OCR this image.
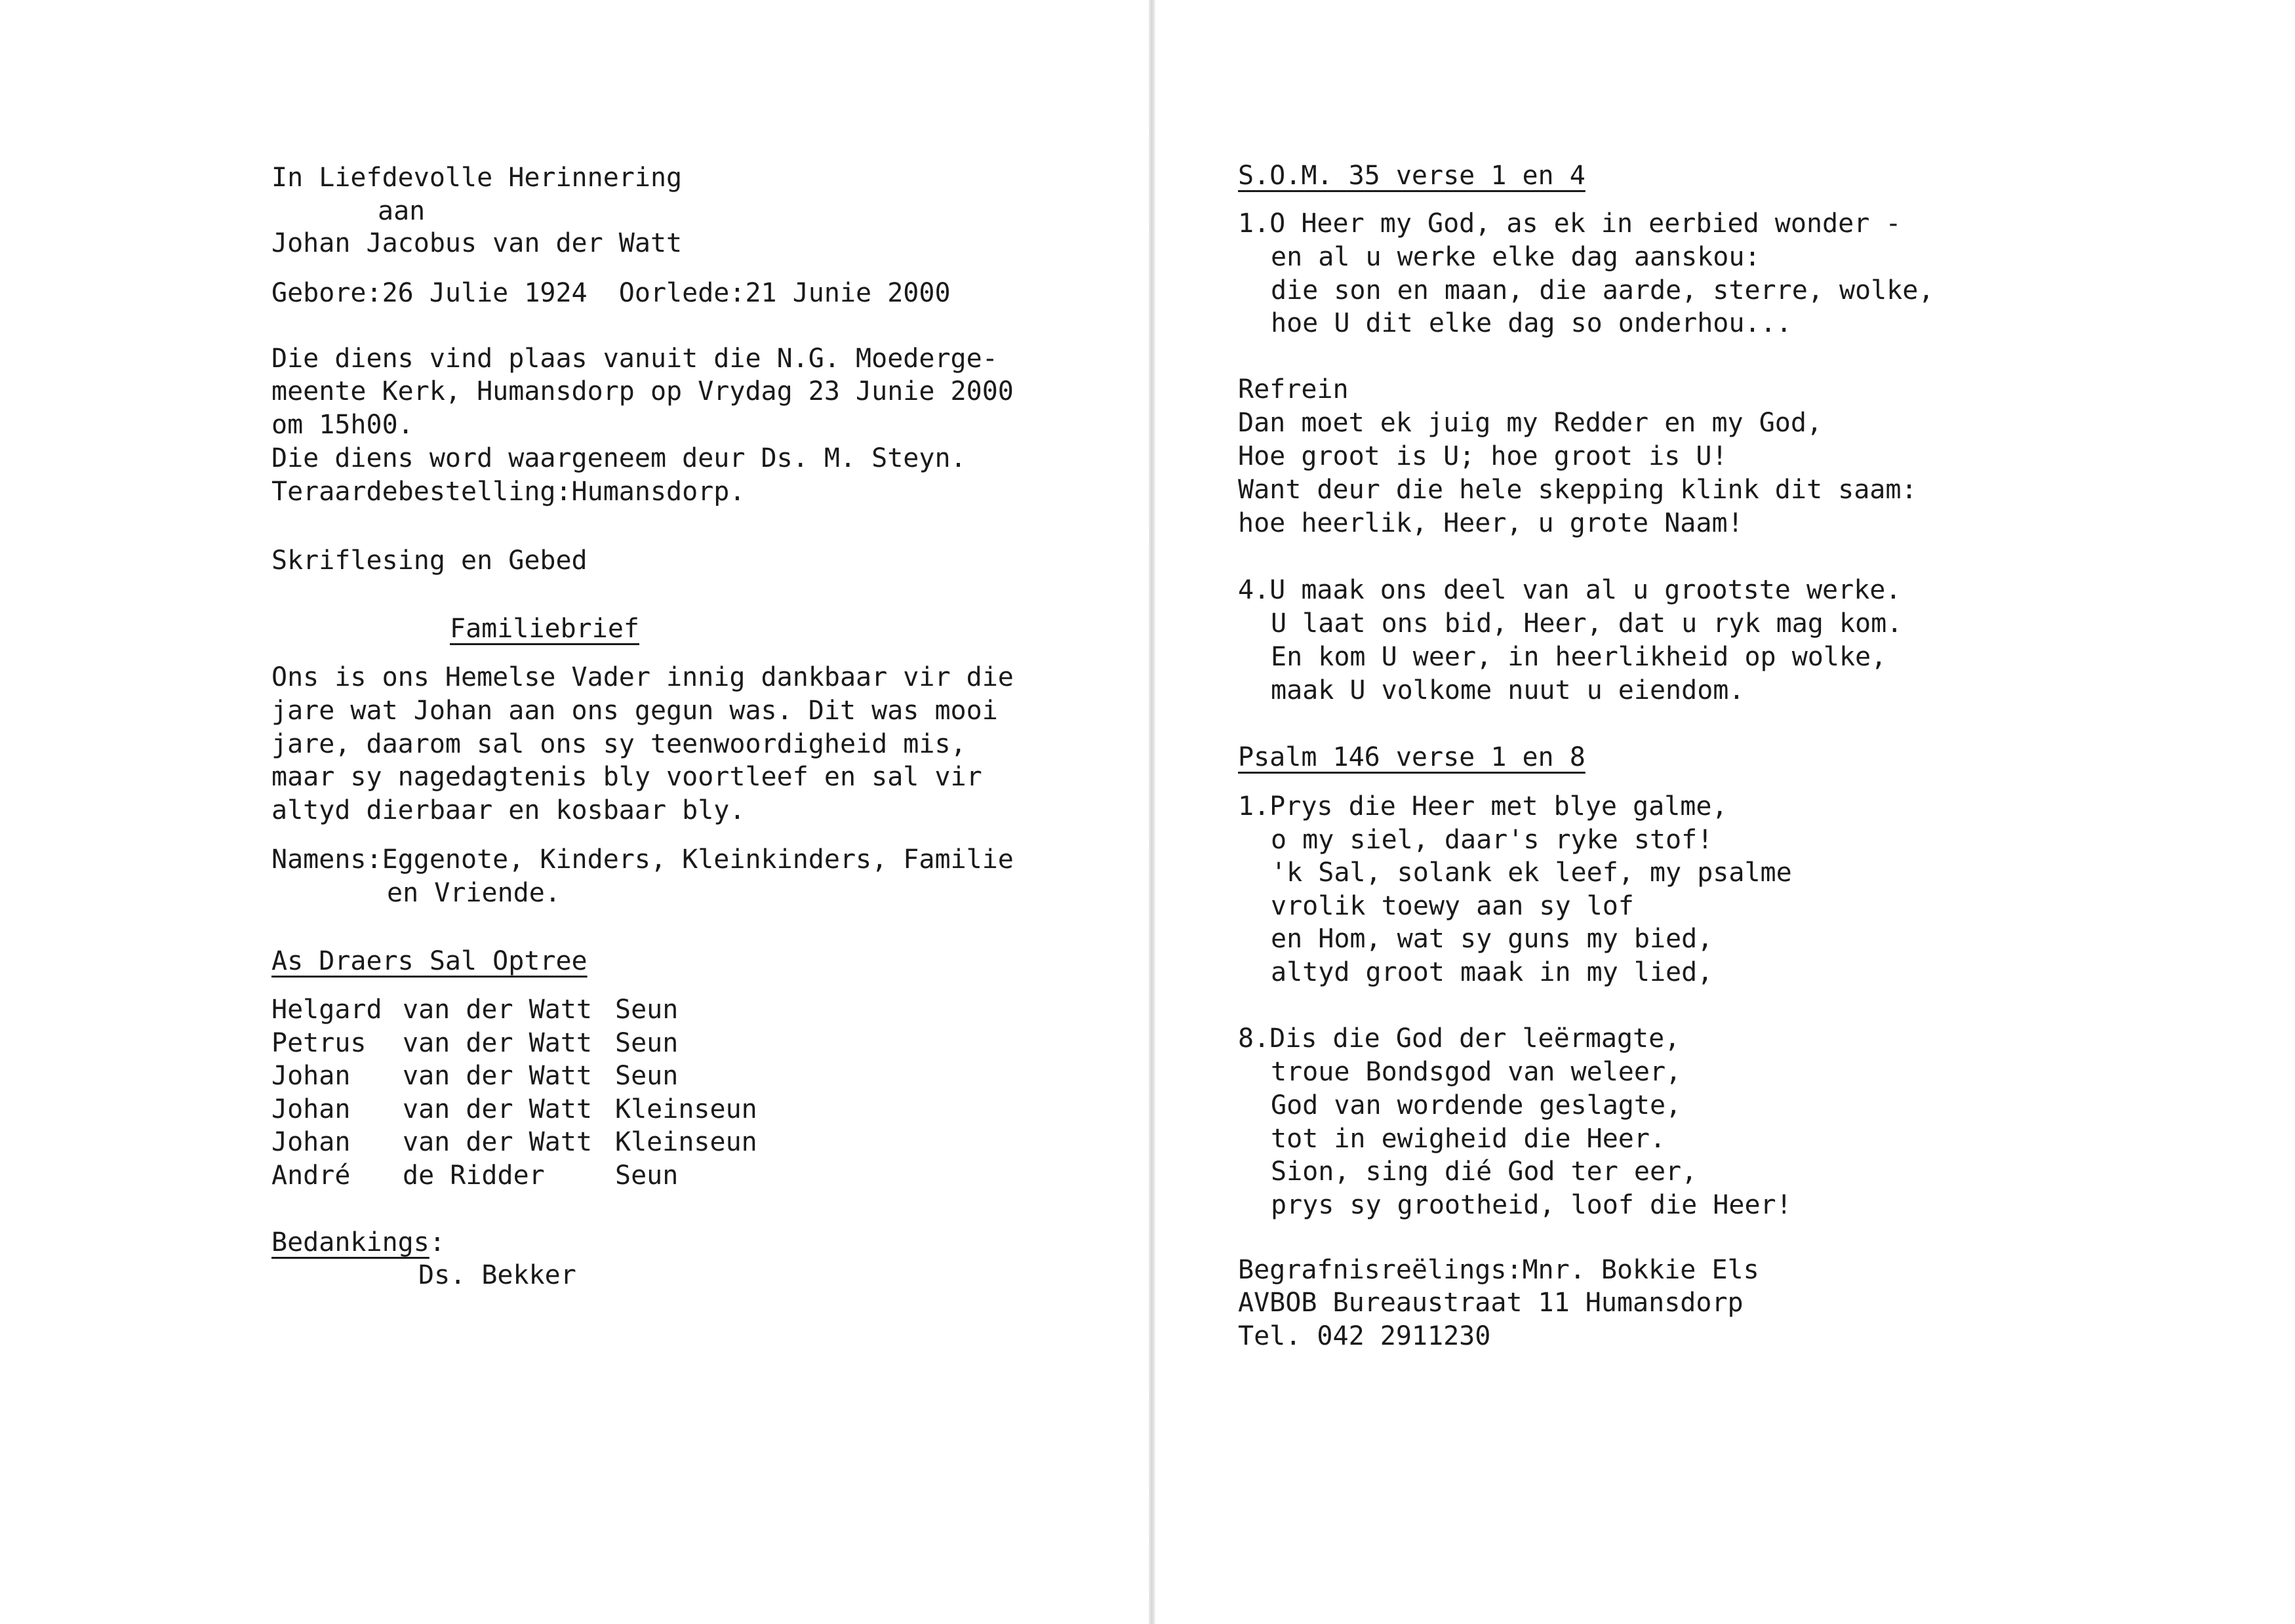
In Liefdevolle Herinnering
aan
Johan Jacobus van der Watt
Gebore:26 Julie 1924  Oorlede:21 Junie 2000
Die diens vind plaas vanuit die N.G. Moederge-
meente Kerk, Humansdorp op Vrydag 23 Junie 2000
om 15h00.
Die diens word waargeneem deur Ds. M. Steyn.
Teraardebestelling:Humansdorp.
Skriflesing en Gebed
Familiebrief
Ons is ons Hemelse Vader innig dankbaar vir die
jare wat Johan aan ons gegun was. Dit was mooi
jare, daarom sal ons sy teenwoordigheid mis,
maar sy nagedagtenis bly voortleef en sal vir
altyd dierbaar en kosbaar bly.
Namens:Eggenote, Kinders, Kleinkinders, Familie
en Vriende.
As Draers Sal Optree

Helgard

van der Watt

Seun

Petrus

van der Watt

Seun

Johan

van der Watt

Seun

Johan

van der Watt

Kleinseun

Johan

van der Watt

Kleinseun

André

de Ridder

	Seun

Bedankings:
Ds. Bekker
S.O.M. 35 verse 1 en 4
1.O Heer my God, as ek in eerbied wonder -
en al u werke elke dag aanskou:
die son en maan, die aarde, sterre, wolke,
hoe U dit elke dag so onderhou...
Refrein
Dan moet ek juig my Redder en my God,
Hoe groot is U; hoe groot is U!
Want deur die hele skepping klink dit saam:
hoe heerlik, Heer, u grote Naam!
4.U maak ons deel van al u grootste werke.
U laat ons bid, Heer, dat u ryk mag kom.
En kom U weer, in heerlikheid op wolke,
maak U volkome nuut u eiendom.
Psalm 146 verse 1 en 8
1.Prys die Heer met blye galme,
o my siel, daar's ryke stof!
'k Sal, solank ek leef, my psalme
vrolik toewy aan sy lof
en Hom, wat sy guns my bied,
altyd groot maak in my lied,
8.Dis die God der leërmagte,
troue Bondsgod van weleer,
God van wordende geslagte,
tot in ewigheid die Heer.
Sion, sing dié God ter eer,
prys sy grootheid, loof die Heer!
Begrafnisreëlings:Mnr. Bokkie Els
AVBOB Bureaustraat 11 Humansdorp
Tel. 042 2911230
